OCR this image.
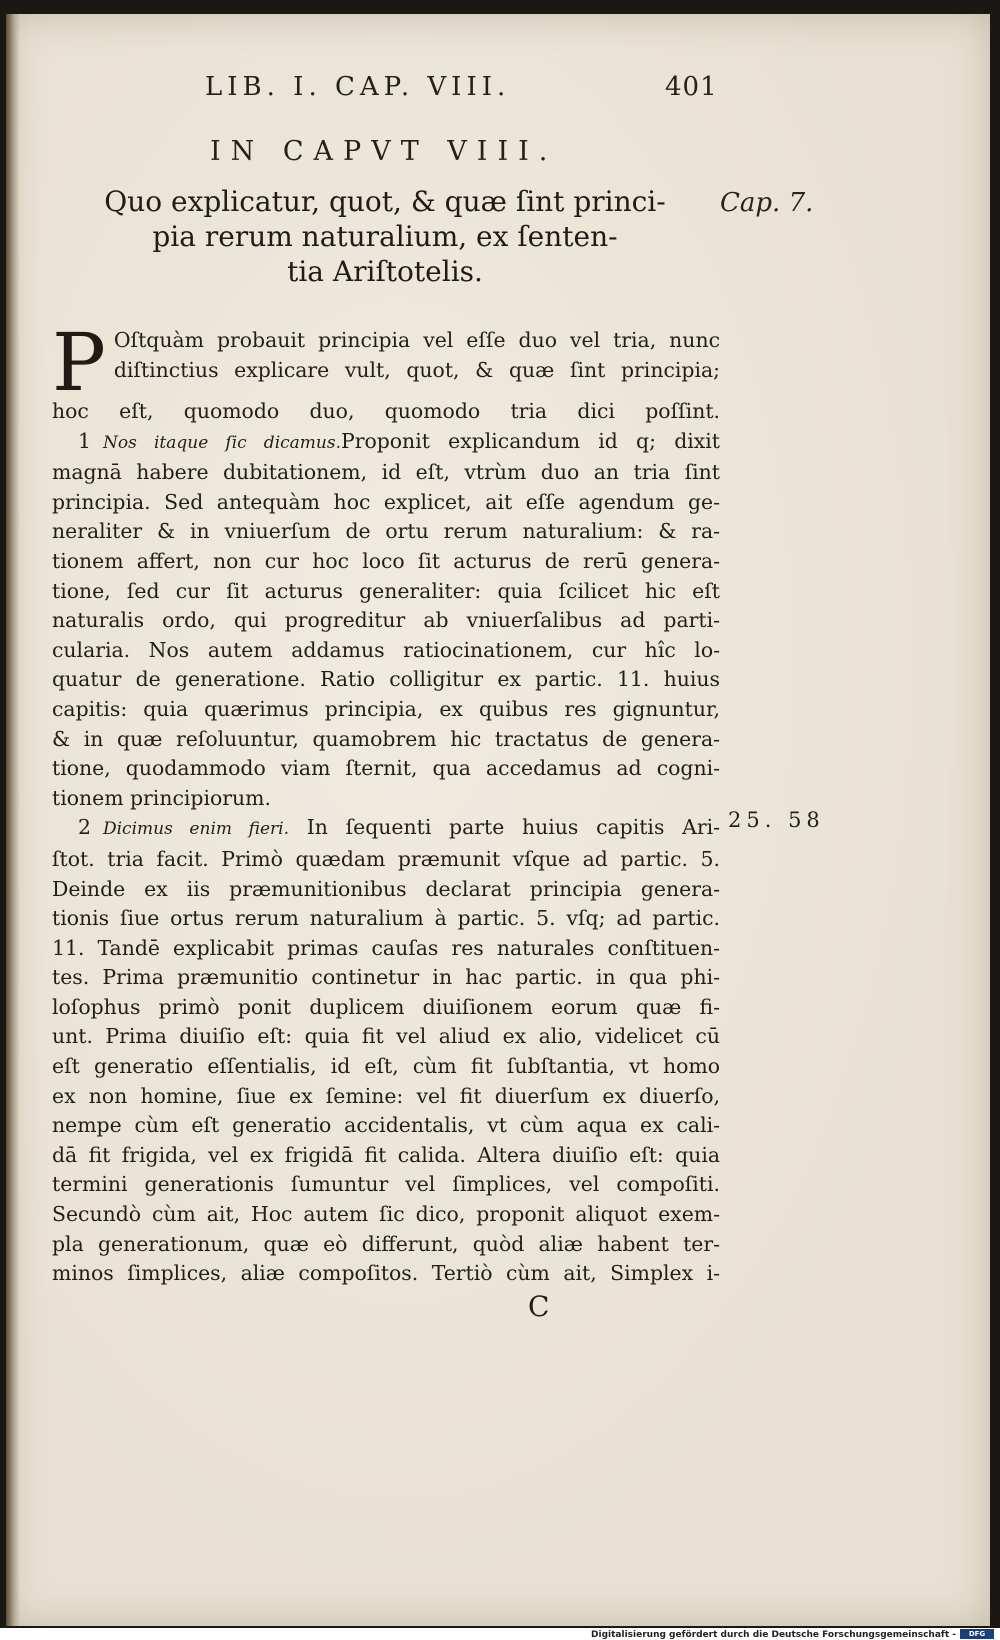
LIB. I. CAP. VIII.	401
IN CAPVT VIII.
Quo explicatur, quot, & quæ ſint princi-
pia rerum naturalium, ex ſenten-
tia Ariſtotelis.
Cap. 7.
P Oſtquàm probauit principia vel eſſe duo vel tria, nunc
diſtinctius explicare vult, quot, & quæ ſint principia;
hoc eſt, quomodo duo, quomodo tria dici poſſint.
1 Nos itaque ſic dicamus.Proponit explicandum id q; dixit
magnā habere dubitationem, id eſt, vtrùm duo an tria ſint
principia. Sed antequàm hoc explicet, ait eſſe agendum ge-
neraliter & in vniuerſum de ortu rerum naturalium: & ra-
tionem affert, non cur hoc loco ſit acturus de rerū genera-
tione, ſed cur ſit acturus generaliter: quia ſcilicet hic eſt
naturalis ordo, qui progreditur ab vniuerſalibus ad parti-
cularia. Nos autem addamus ratiocinationem, cur hîc lo-
quatur de generatione. Ratio colligitur ex partic. 11. huius
capitis: quia quærimus principia, ex quibus res gignuntur,
& in quæ reſoluuntur, quamobrem hic tractatus de genera-
tione, quodammodo viam ſternit, qua accedamus ad cogni-
tionem principiorum.
2 Dicimus enim fieri. In ſequenti parte huius capitis Ari-
ſtot. tria facit. Primò quædam præmunit vſque ad partic. 5.
Deinde ex iis præmunitionibus declarat principia genera-
tionis ſiue ortus rerum naturalium à partic. 5. vſq; ad partic.
11. Tandē explicabit primas cauſas res naturales conſtituen-
tes. Prima præmunitio continetur in hac partic. in qua phi-
loſophus primò ponit duplicem diuiſionem eorum quæ fi-
unt. Prima diuiſio eſt: quia fit vel aliud ex alio, videlicet cū
eſt generatio eſſentialis, id eſt, cùm fit ſubſtantia, vt homo
ex non homine, ſiue ex ſemine: vel fit diuerſum ex diuerſo,
nempe cùm eſt generatio accidentalis, vt cùm aqua ex cali-
dā fit frigida, vel ex frigidā fit calida. Altera diuiſio eſt: quia
termini generationis ſumuntur vel ſimplices, vel compoſiti.
Secundò cùm ait, Hoc autem ſic dico, proponit aliquot exem-
pla generationum, quæ eò differunt, quòd aliæ habent ter-
minos ſimplices, aliæ compoſitos. Tertiò cùm ait, Simplex i-
25. 58
C
Digitalisierung gefördert durch die Deutsche Forschungsgemeinschaft -	DFG
